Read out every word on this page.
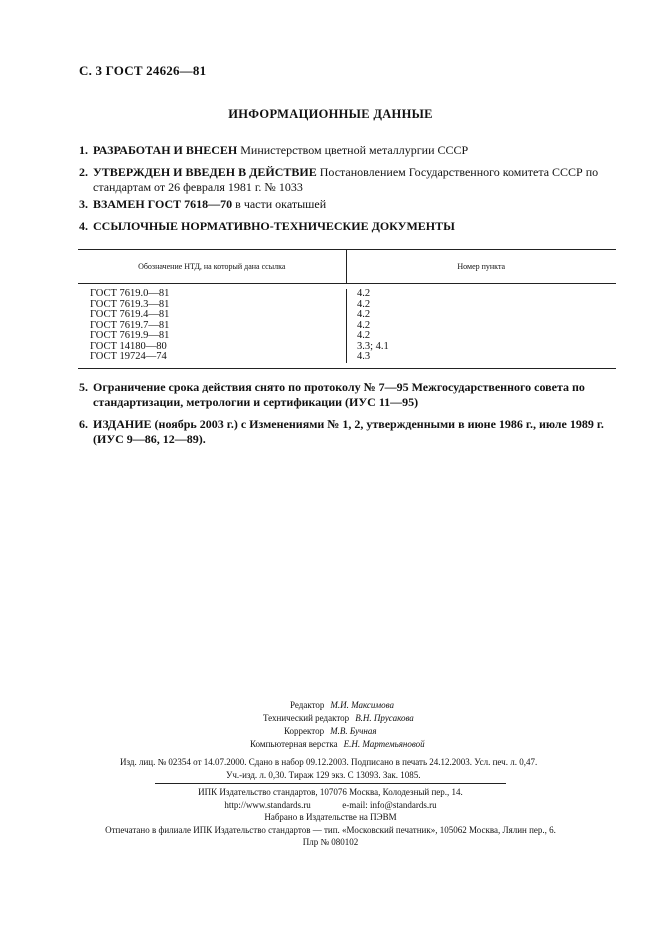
С. 3 ГОСТ 24626—81
ИНФОРМАЦИОННЫЕ ДАННЫЕ
1. РАЗРАБОТАН И ВНЕСЕН Министерством цветной металлургии СССР
2. УТВЕРЖДЕН И ВВЕДЕН В ДЕЙСТВИЕ Постановлением Государственного комитета СССР по стандартам от 26 февраля 1981 г. № 1033
3. ВЗАМЕН ГОСТ 7618—70 в части окатышей
4. ССЫЛОЧНЫЕ НОРМАТИВНО-ТЕХНИЧЕСКИЕ ДОКУМЕНТЫ
Обозначение НТД, на который дана ссылка	Номер пункта
ГОСТ 7619.0—81
ГОСТ 7619.3—81
ГОСТ 7619.4—81
ГОСТ 7619.7—81
ГОСТ 7619.9—81
ГОСТ 14180—80
ГОСТ 19724—74
4.2
4.2
4.2
4.2
4.2
3.3; 4.1
4.3
5. Ограничение срока действия снято по протоколу № 7—95 Межгосударственного совета по стандартизации, метрологии и сертификации (ИУС 11—95)
6. ИЗДАНИЕ (ноябрь 2003 г.) с Изменениями № 1, 2, утвержденными в июне 1986 г., июле 1989 г. (ИУС 9—86, 12—89).
Редактор М.И. Максимова
Технический редактор В.Н. Прусакова
Корректор М.В. Бучная
Компьютерная верстка Е.Н. Мартемьяновой
Изд. лиц. № 02354 от 14.07.2000. Сдано в набор 09.12.2003. Подписано в печать 24.12.2003. Усл. печ. л. 0,47.
Уч.-изд. л. 0,30. Тираж 129 экз. С 13093. Зак. 1085.
ИПК Издательство стандартов, 107076 Москва, Колодезный пер., 14.
http://www.standards.ru              e-mail: info@standards.ru
Набрано в Издательстве на ПЭВМ
Отпечатано в филиале ИПК Издательство стандартов — тип. «Московский печатник», 105062 Москва, Лялин пер., 6.
Плр № 080102
